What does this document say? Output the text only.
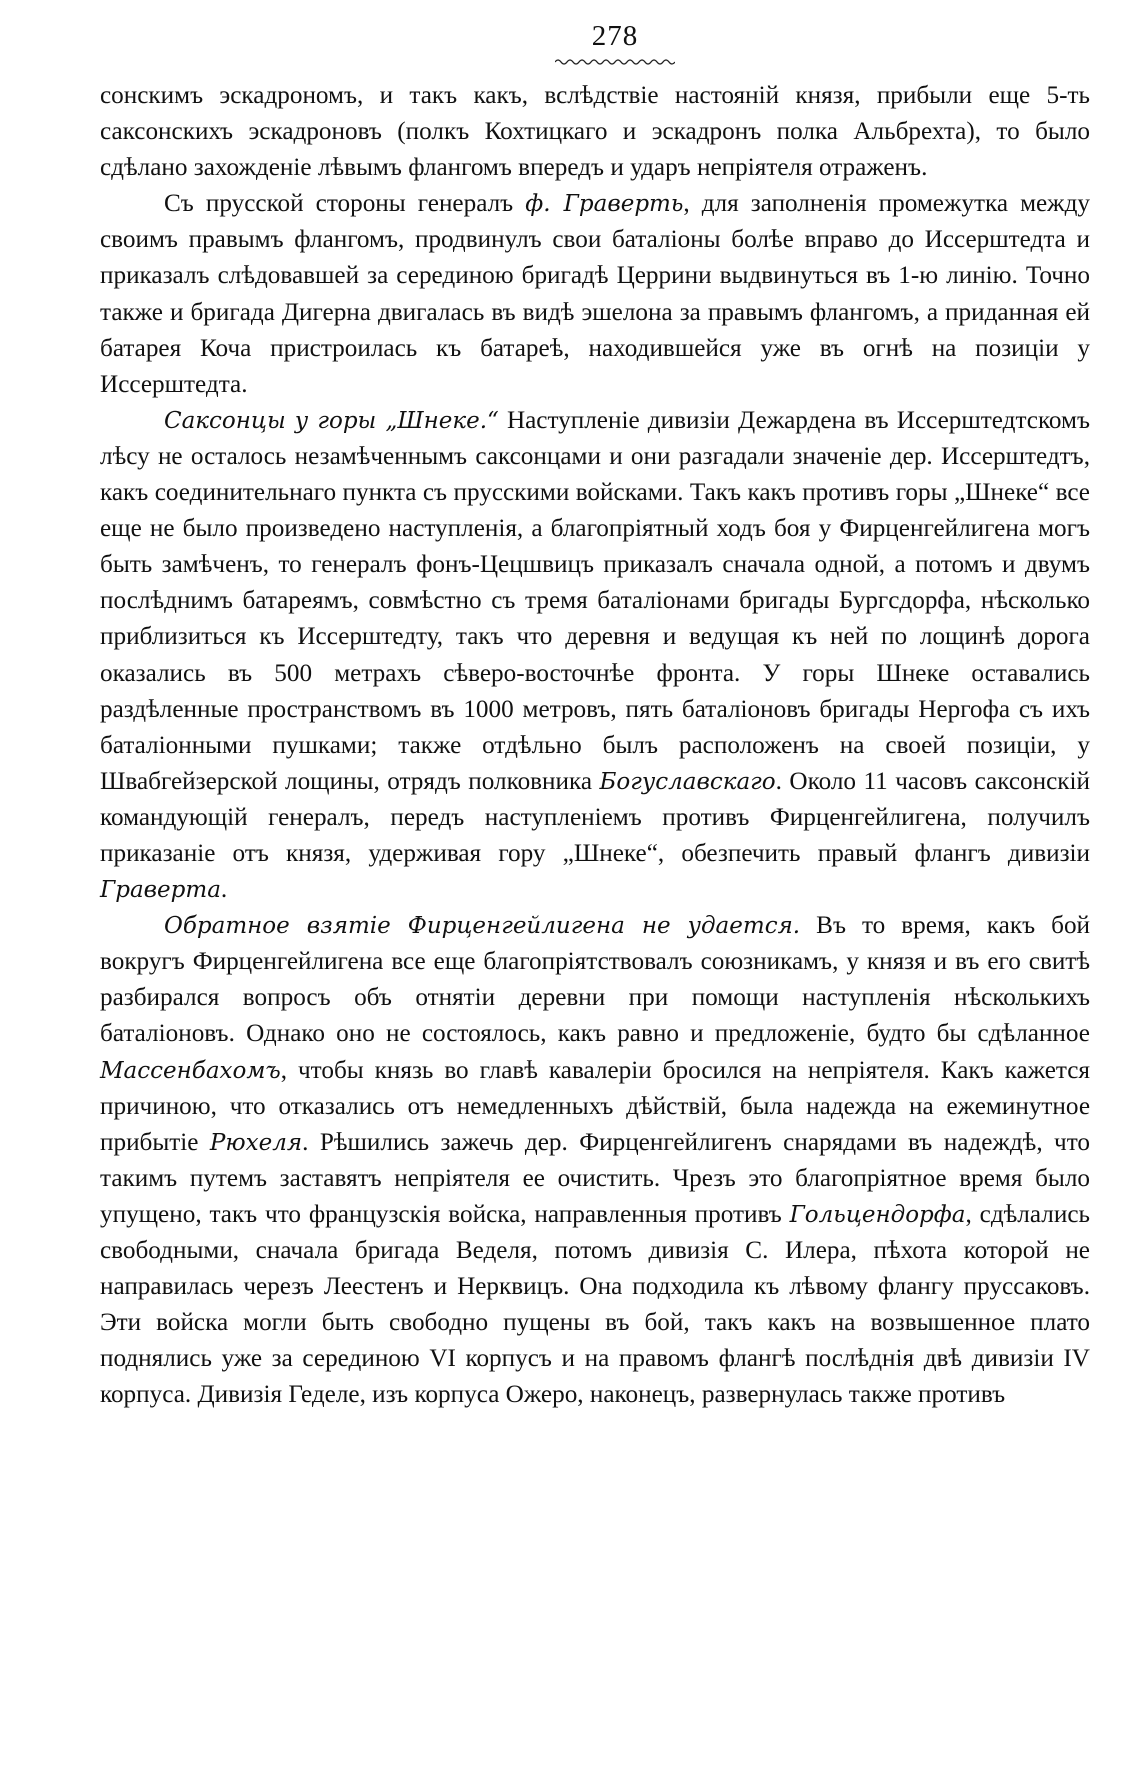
278

сонскимъ эскадрономъ, и такъ какъ, вслѣдствіе настояній князя, прибыли еще 5-ть саксонскихъ эскадроновъ (полкъ Кохтицкаго и эскадронъ полка Альбрехта), то было сдѣлано захожденіе лѣвымъ флангомъ впередъ и ударъ непріятеля отраженъ.

Съ прусской стороны генералъ ф. Граверть, для заполненія промежутка между своимъ правымъ флангомъ, продвинулъ свои баталіоны болѣе вправо до Иссерштедта и приказалъ слѣдовавшей за серединою бригадѣ Церрини выдвинуться въ 1-ю линію. Точно также и бригада Дигерна двигалась въ видѣ эшелона за правымъ флангомъ, а приданная ей батарея Коча пристроилась къ батареѣ, находившейся уже въ огнѣ на позиціи у Иссерштедта.

Саксонцы у горы „Шнеке.“ Наступленіе дивизіи Дежардена въ Иссерштедтскомъ лѣсу не осталось незамѣченнымъ саксонцами и они разгадали значеніе дер. Иссерштедтъ, какъ соединительнаго пункта съ прусскими войсками. Такъ какъ противъ горы „Шнеке“ все еще не было произведено наступленія, а благопріятный ходъ боя у Фирценгейлигена могъ быть замѣченъ, то генералъ фонъ-Цецшвицъ приказалъ сначала одной, а потомъ и двумъ послѣднимъ батареямъ, совмѣстно съ тремя баталіонами бригады Бургсдорфа, нѣсколько приблизиться къ Иссерштедту, такъ что деревня и ведущая къ ней по лощинѣ дорога оказались въ 500 метрахъ сѣверо-восточнѣе фронта. У горы Шнеке оставались раздѣленные пространствомъ въ 1000 метровъ, пять баталіоновъ бригады Нергофа съ ихъ баталіонными пушками; также отдѣльно былъ расположенъ на своей позиціи, у Швабгейзерской лощины, отрядъ полковника Богуславскаго. Около 11 часовъ саксонскій командующій генералъ, передъ наступленіемъ противъ Фирценгейлигена, получилъ приказаніе отъ князя, удерживая гору „Шнеке“, обезпечить правый флангъ дивизіи Граверта.

Обратное взятіе Фирценгейлигена не удается. Въ то время, какъ бой вокругъ Фирценгейлигена все еще благопріятствовалъ союзникамъ, у князя и въ его свитѣ разбирался вопросъ объ отнятіи деревни при помощи наступленія нѣсколькихъ баталіоновъ. Однако оно не состоялось, какъ равно и предложеніе, будто бы сдѣланное Массенбахомъ, чтобы князь во главѣ кавалеріи бросился на непріятеля. Какъ кажется причиною, что отказались отъ немедленныхъ дѣйствій, была надежда на ежеминутное прибытіе Рюхеля. Рѣшились зажечь дер. Фирценгейлигенъ снарядами въ надеждѣ, что такимъ путемъ заставятъ непріятеля ее очистить. Чрезъ это благопріятное время было упущено, такъ что французскія войска, направленныя противъ Гольцендорфа, сдѣлались свободными, сначала бригада Веделя, потомъ дивизія С. Илера, пѣхота которой не направилась черезъ Леестенъ и Нерквицъ. Она подходила къ лѣвому флангу пруссаковъ. Эти войска могли быть свободно пущены въ бой, такъ какъ на возвышенное плато поднялись уже за серединою VI корпусъ и на правомъ флангѣ послѣднія двѣ дивизіи IV корпуса. Дивизія Геделе, изъ корпуса Ожеро, наконецъ, развернулась также противъ
